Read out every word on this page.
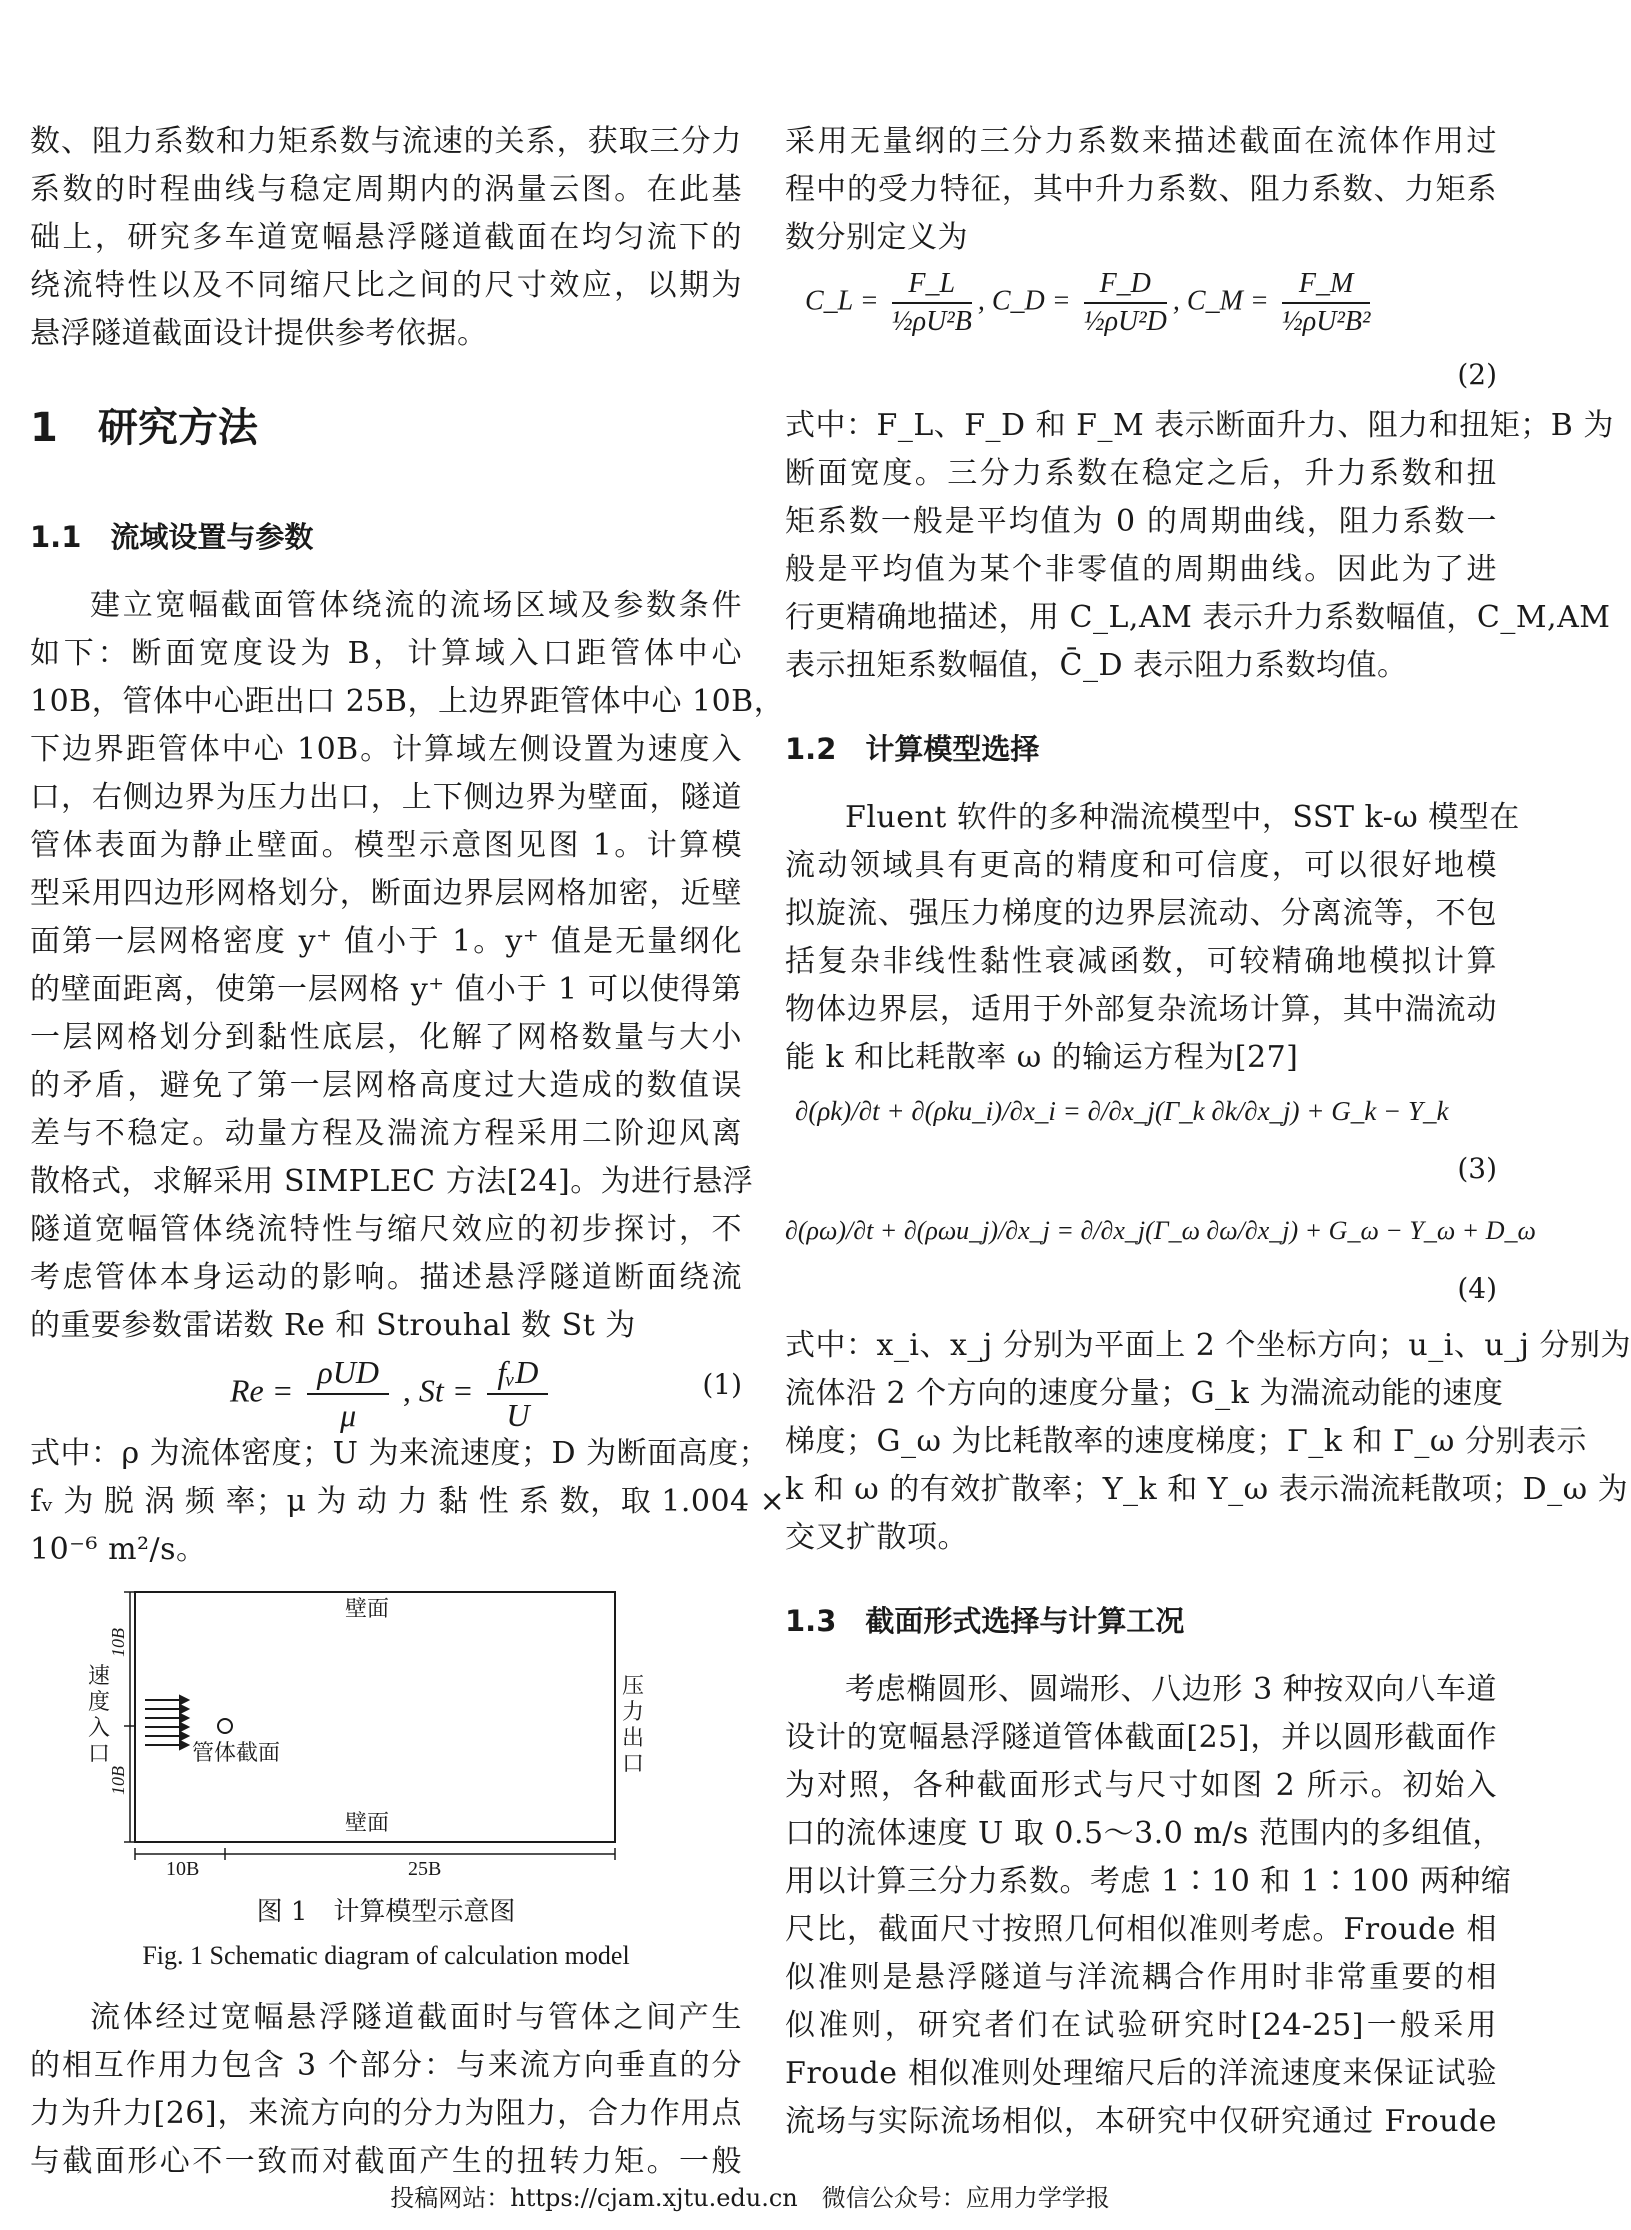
数、阻力系数和力矩系数与流速的关系，获取三分力
系数的时程曲线与稳定周期内的涡量云图。在此基
础上，研究多车道宽幅悬浮隧道截面在均匀流下的
绕流特性以及不同缩尺比之间的尺寸效应，以期为
悬浮隧道截面设计提供参考依据。
1　研究方法
1.1　流域设置与参数
建立宽幅截面管体绕流的流场区域及参数条件
如下：断面宽度设为 B，计算域入口距管体中心
10B，管体中心距出口 25B，上边界距管体中心 10B，
下边界距管体中心 10B。计算域左侧设置为速度入
口，右侧边界为压力出口，上下侧边界为壁面，隧道
管体表面为静止壁面。模型示意图见图 1。计算模
型采用四边形网格划分，断面边界层网格加密，近壁
面第一层网格密度 y⁺ 值小于 1。y⁺ 值是无量纲化
的壁面距离，使第一层网格 y⁺ 值小于 1 可以使得第
一层网格划分到黏性底层，化解了网格数量与大小
的矛盾，避免了第一层网格高度过大造成的数值误
差与不稳定。动量方程及湍流方程采用二阶迎风离
散格式，求解采用 SIMPLEC 方法[24]。为进行悬浮
隧道宽幅管体绕流特性与缩尺效应的初步探讨，不
考虑管体本身运动的影响。描述悬浮隧道断面绕流
的重要参数雷诺数 Re 和 Strouhal 数 St 为
$Re = \frac{\text{ρUD}}{\mu}$ , $St = \frac{\text{fᵥD}}{U}$	(1)
式中：ρ 为流体密度；U 为来流速度；D 为断面高度；
fᵥ 为 脱 涡 频 率；μ 为 动 力 黏 性 系 数，取 1.004 ×
10⁻⁶ m²/s。
壁面
壁面
速度入口
压力出口
管体截面
10B
10B
10B	25B
图 1　计算模型示意图
Fig. 1 Schematic diagram of calculation model
流体经过宽幅悬浮隧道截面时与管体之间产生
的相互作用力包含 3 个部分：与来流方向垂直的分
力为升力[26]，来流方向的分力为阻力，合力作用点
与截面形心不一致而对截面产生的扭转力矩。一般
采用无量纲的三分力系数来描述截面在流体作用过
程中的受力特征，其中升力系数、阻力系数、力矩系
数分别定义为
C_L = $\frac{F\_L}{\text{½ρU²B}}$ , C_D = $\frac{F\_D}{\text{½ρU²D}}$ , C_M = $\frac{F\_M}{\text{½ρU²B²}}$
(2)
式中：F_L、F_D 和 F_M 表示断面升力、阻力和扭矩；B 为
断面宽度。三分力系数在稳定之后，升力系数和扭
矩系数一般是平均值为 0 的周期曲线，阻力系数一
般是平均值为某个非零值的周期曲线。因此为了进
行更精确地描述，用 C_L,AM 表示升力系数幅值，C_M,AM
表示扭矩系数幅值，C̄_D 表示阻力系数均值。
1.2　计算模型选择
Fluent 软件的多种湍流模型中，SST k-ω 模型在
流动领域具有更高的精度和可信度，可以很好地模
拟旋流、强压力梯度的边界层流动、分离流等，不包
括复杂非线性黏性衰减函数，可较精确地模拟计算
物体边界层，适用于外部复杂流场计算，其中湍流动
能 k 和比耗散率 ω 的输运方程为[27]
∂(ρk)/∂t + ∂(ρku_i)/∂x_i = ∂/∂x_j(Γ_k ∂k/∂x_j) + G_k − Y_k
(3)
∂(ρω)/∂t + ∂(ρωu_j)/∂x_j = ∂/∂x_j(Γ_ω ∂ω/∂x_j) + G_ω − Y_ω + D_ω
(4)
式中：x_i、x_j 分别为平面上 2 个坐标方向；u_i、u_j 分别为
流体沿 2 个方向的速度分量；G_k 为湍流动能的速度
梯度；G_ω 为比耗散率的速度梯度；Γ_k 和 Γ_ω 分别表示
k 和 ω 的有效扩散率；Y_k 和 Y_ω 表示湍流耗散项；D_ω 为
交叉扩散项。
1.3　截面形式选择与计算工况
考虑椭圆形、圆端形、八边形 3 种按双向八车道
设计的宽幅悬浮隧道管体截面[25]，并以圆形截面作
为对照，各种截面形式与尺寸如图 2 所示。初始入
口的流体速度 U 取 0.5～3.0 m/s 范围内的多组值，
用以计算三分力系数。考虑 1∶10 和 1∶100 两种缩
尺比，截面尺寸按照几何相似准则考虑。Froude 相
似准则是悬浮隧道与洋流耦合作用时非常重要的相
似准则，研究者们在试验研究时[24-25]一般采用
Froude 相似准则处理缩尺后的洋流速度来保证试验
流场与实际流场相似，本研究中仅研究通过 Froude
投稿网站：https://cjam.xjtu.edu.cn　微信公众号：应用力学学报
